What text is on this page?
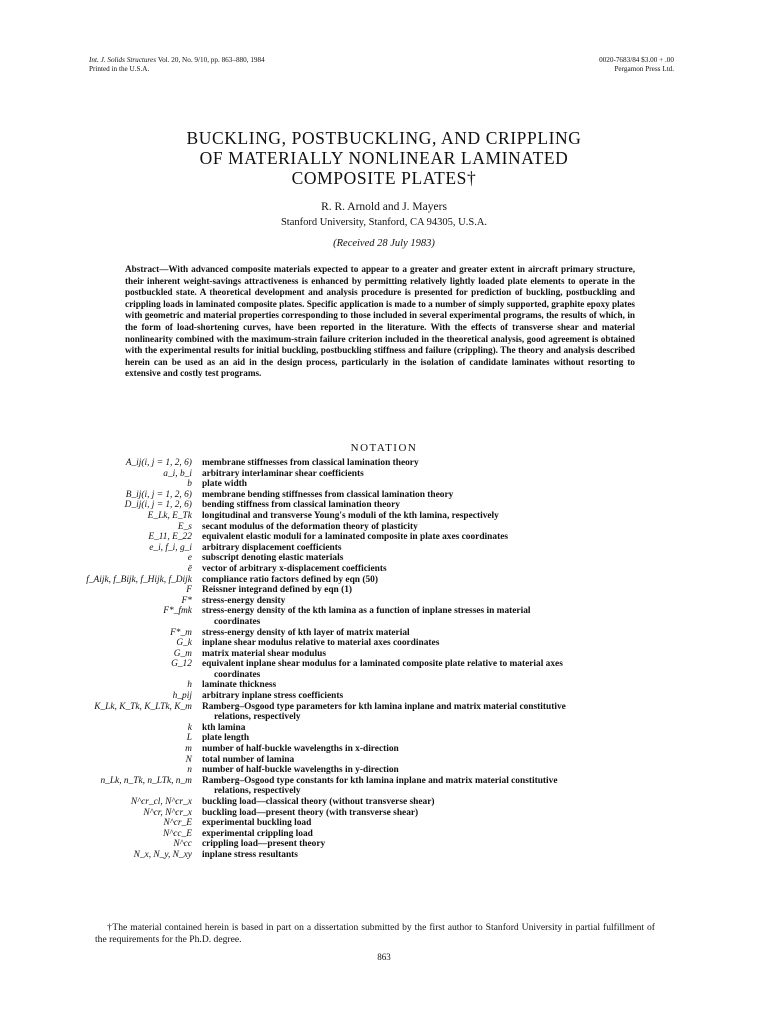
Int. J. Solids Structures Vol. 20, No. 9/10, pp. 863–880, 1984
Printed in the U.S.A.
0020-7683/84 $3.00 + .00
Pergamon Press Ltd.
BUCKLING, POSTBUCKLING, AND CRIPPLING
OF MATERIALLY NONLINEAR LAMINATED
COMPOSITE PLATES†
R. R. Arnold and J. Mayers
Stanford University, Stanford, CA 94305, U.S.A.
(Received 28 July 1983)
Abstract—With advanced composite materials expected to appear to a greater and greater extent in aircraft primary structure, their inherent weight-savings attractiveness is enhanced by permitting relatively lightly loaded plate elements to operate in the postbuckled state. A theoretical development and analysis procedure is presented for prediction of buckling, postbuckling and crippling loads in laminated composite plates. Specific application is made to a number of simply supported, graphite epoxy plates with geometric and material properties corresponding to those included in several experimental programs, the results of which, in the form of load-shortening curves, have been reported in the literature. With the effects of transverse shear and material nonlinearity combined with the maximum-strain failure criterion included in the theoretical analysis, good agreement is obtained with the experimental results for initial buckling, postbuckling stiffness and failure (crippling). The theory and analysis described herein can be used as an aid in the design process, particularly in the isolation of candidate laminates without resorting to extensive and costly test programs.
NOTATION
A_ij(i, j = 1, 2, 6)	membrane stiffnesses from classical lamination theory
a_i, b_i	arbitrary interlaminar shear coefficients
b	plate width
B_ij(i, j = 1, 2, 6)	membrane bending stiffnesses from classical lamination theory
D_ij(i, j = 1, 2, 6)	bending stiffness from classical lamination theory
E_Lk, E_Tk	longitudinal and transverse Young's moduli of the kth lamina, respectively
E_s	secant modulus of the deformation theory of plasticity
E_11, E_22	equivalent elastic moduli for a laminated composite in plate axes coordinates
e_i, f_i, g_i	arbitrary displacement coefficients
e	subscript denoting elastic materials
ē	vector of arbitrary x-displacement coefficients
f_Aijk, f_Bijk, f_Hijk, f_Dijk	compliance ratio factors defined by eqn (50)
F	Reissner integrand defined by eqn (1)
F*	stress-energy density
F*_fmk	stress-energy density of the kth lamina as a function of inplane stresses in material
coordinates

F*_m	stress-energy density of kth layer of matrix material
G_k	inplane shear modulus relative to material axes coordinates
G_m	matrix material shear modulus
G_12	equivalent inplane shear modulus for a laminated composite plate relative to material axes
coordinates

h	laminate thickness
h_pij	arbitrary inplane stress coefficients
K_Lk, K_Tk, K_LTk, K_m	Ramberg–Osgood type parameters for kth lamina inplane and matrix material constitutive
relations, respectively

k	kth lamina
L	plate length
m	number of half-buckle wavelengths in x-direction
N	total number of lamina
n	number of half-buckle wavelengths in y-direction
n_Lk, n_Tk, n_LTk, n_m	Ramberg–Osgood type constants for kth lamina inplane and matrix material constitutive
relations, respectively

N^cr_cl, N^cr_x	buckling load—classical theory (without transverse shear)
N^cr, N^cr_x	buckling load—present theory (with transverse shear)
N^cr_E	experimental buckling load
N^cc_E	experimental crippling load
N^cc	crippling load—present theory
N_x, N_y, N_xy	inplane stress resultants
†The material contained herein is based in part on a dissertation submitted by the first author to Stanford University in partial fulfillment of the requirements for the Ph.D. degree.
863
